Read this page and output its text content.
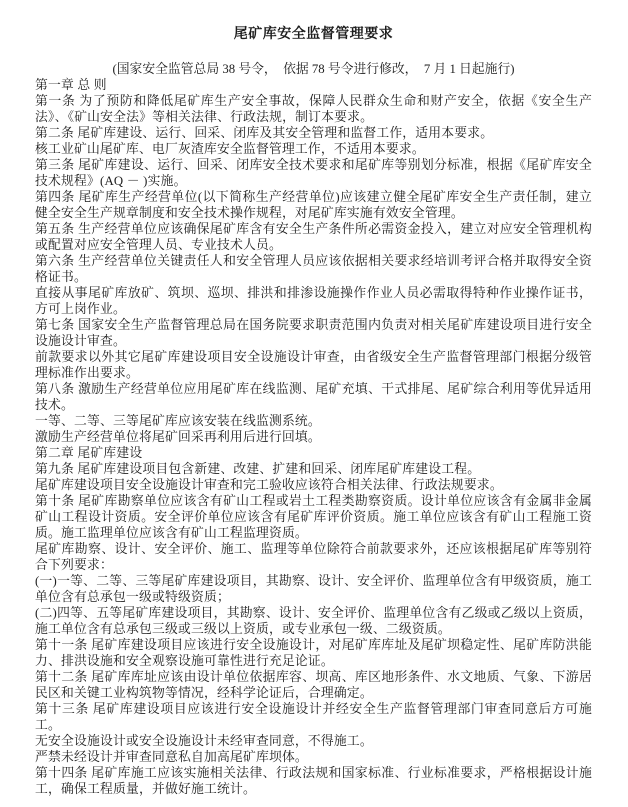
尾矿库安全监督管理要求

(国家安全监管总局 38 号令，　依据 78 号令进行修改，　7 月 1 日起施行)

第一章 总 则
第一条 为了预防和降低尾矿库生产安全事故，保障人民群众生命和财产安全，依据《安全生产法》、《矿山安全法》等相关法律、行政法规，制订本要求。
第二条 尾矿库建设、运行、回采、闭库及其安全管理和监督工作，适用本要求。
核工业矿山尾矿库、电厂灰渣库安全监督管理工作，不适用本要求。
第三条 尾矿库建设、运行、回采、闭库安全技术要求和尾矿库等别划分标准，根据《尾矿库安全技术规程》(AQ － )实施。
第四条 尾矿库生产经营单位(以下简称生产经营单位)应该建立健全尾矿库安全生产责任制，建立健全安全生产规章制度和安全技术操作规程，对尾矿库实施有效安全管理。
第五条 生产经营单位应该确保尾矿库含有安全生产条件所必需资金投入，建立对应安全管理机构或配置对应安全管理人员、专业技术人员。
第六条 生产经营单位关键责任人和安全管理人员应该依据相关要求经培训考评合格并取得安全资格证书。
直接从事尾矿库放矿、筑坝、巡坝、排洪和排渗设施操作作业人员必需取得特种作业操作证书，方可上岗作业。
第七条 国家安全生产监督管理总局在国务院要求职责范围内负责对相关尾矿库建设项目进行安全设施设计审查。
前款要求以外其它尾矿库建设项目安全设施设计审查，由省级安全生产监督管理部门根据分级管理标准作出要求。
第八条 激励生产经营单位应用尾矿库在线监测、尾矿充填、干式排尾、尾矿综合利用等优异适用技术。
一等、二等、三等尾矿库应该安装在线监测系统。
激励生产经营单位将尾矿回采再利用后进行回填。
第二章 尾矿库建设
第九条 尾矿库建设项目包含新建、改建、扩建和回采、闭库尾矿库建设工程。
尾矿库建设项目安全设施设计审查和完工验收应该符合相关法律、行政法规要求。
第十条 尾矿库勘察单位应该含有矿山工程或岩土工程类勘察资质。设计单位应该含有金属非金属矿山工程设计资质。安全评价单位应该含有尾矿库评价资质。施工单位应该含有矿山工程施工资质。施工监理单位应该含有矿山工程监理资质。
尾矿库勘察、设计、安全评价、施工、监理等单位除符合前款要求外，还应该根据尾矿库等别符合下列要求：
(一)一等、二等、三等尾矿库建设项目，其勘察、设计、安全评价、监理单位含有甲级资质，施工单位含有总承包一级或特级资质；
(二)四等、五等尾矿库建设项目，其勘察、设计、安全评价、监理单位含有乙级或乙级以上资质，施工单位含有总承包三级或三级以上资质，或专业承包一级、二级资质。
第十一条 尾矿库建设项目应该进行安全设施设计，对尾矿库库址及尾矿坝稳定性、尾矿库防洪能力、排洪设施和安全观察设施可靠性进行充足论证。
第十二条 尾矿库库址应该由设计单位依据库容、坝高、库区地形条件、水文地质、气象、下游居民区和关键工业构筑物等情况，经科学论证后，合理确定。
第十三条 尾矿库建设项目应该进行安全设施设计并经安全生产监督管理部门审查同意后方可施工。
无安全设施设计或安全设施设计未经审查同意，不得施工。
严禁未经设计并审查同意私自加高尾矿库坝体。
第十四条 尾矿库施工应该实施相关法律、行政法规和国家标准、行业标准要求，严格根据设计施工，确保工程质量，并做好施工统计。
